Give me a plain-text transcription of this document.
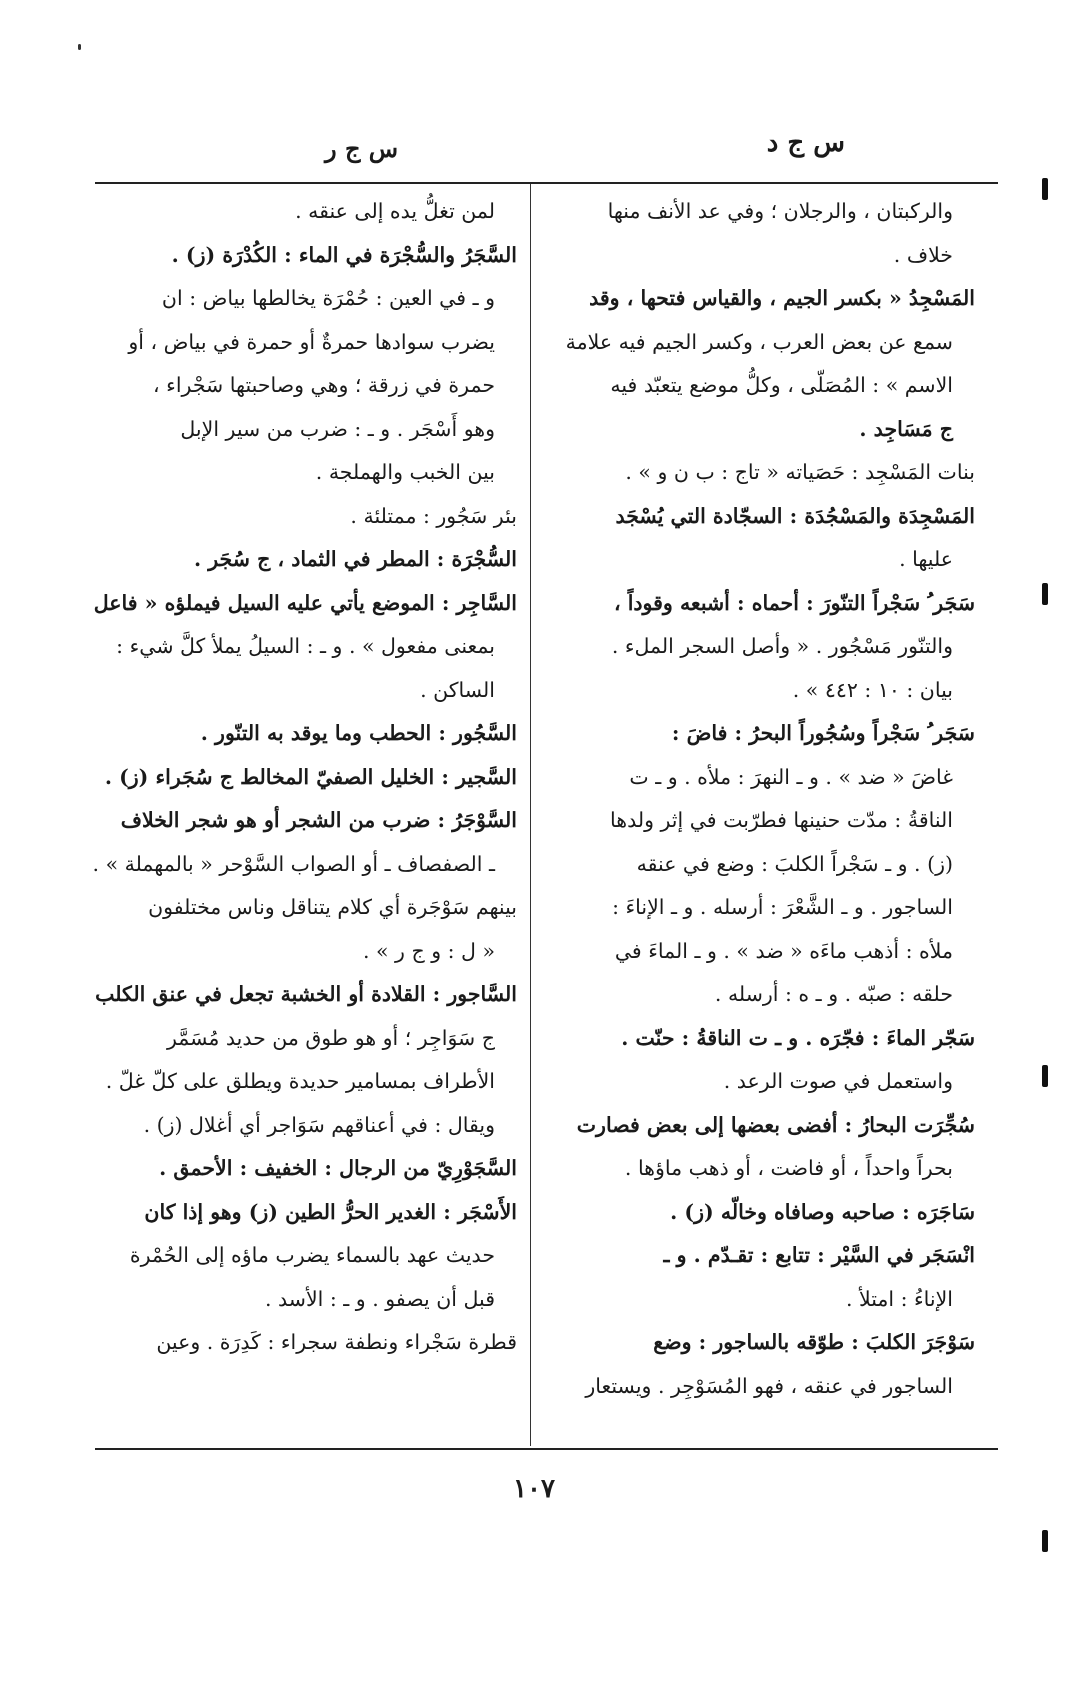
س ج د
س ج ر
والركبتان ، والرجلان ؛ وفي عد الأنف منها
خلاف .
المَسْجِدُ « بكسر الجيم ، والقياس فتحها ، وقد
سمع عن بعض العرب ، وكسر الجيم فيه علامة
الاسم » : المُصَلّى ، وكلُّ موضع يتعبّد فيه
ج مَسَاجِد .
بنات المَسْجِد : حَصَياته « تاج : ب ن و » .
المَسْجِدَة والمَسْجُدَة : السجّادة التي يُسْجَد
عليها .
سَجَر ُ سَجْراً التنّورَ : أحماه : أشبعه وقوداً ،
والتنّور مَسْجُور . « وأصل السجر الملء .
بيان : ١٠ : ٤٤٢ » .
سَجَر ُ سَجْراً وسُجُوراً البحرُ : فاضَ :
غاضَ « ضد » . و ـ النهرَ : ملأه . و ـ ت
الناقةُ : مدّت حنينها فطرّبت في إثر ولدها
(ز) . و ـ سَجْراً الكلبَ : وضع في عنقه
الساجور . و ـ الشَّعْرَ : أرسله . و ـ الإناءَ :
ملأه : أذهب ماءَه « ضد » . و ـ الماءَ في
حلقه : صبّه . و ـ ه : أرسله .
سَجّر الماءَ : فجّرَه . و ـ ت الناقةُ : حنّت .
واستعمل في صوت الرعد .
سُجِّرَت البحارُ : أفضى بعضها إلى بعض فصارت
بحراً واحداً ، أو فاضت ، أو ذهب ماؤها .
سَاجَرَه : صاحبه وصافاه وخالّه (ز) .
انْسَجَر في السَّيْر : تتابع : تقـدّم . و ـ
الإناءُ : امتلأ .
سَوْجَرَ الكلبَ : طوّقه بالساجور : وضع
الساجور في عنقه ، فهو المُسَوْجِر . ويستعار
لمن تغلُّ يده إلى عنقه .
السَّجَرُ والسُّجْرَة في الماء : الكُدْرَة (ز) .
و ـ في العين : حُمْرَة يخالطها بياض : ان
يضرب سوادها حمرةٌ أو حمرة في بياض ، أو
حمرة في زرقة ؛ وهي وصاحبتها سَجْراء ،
وهو أَسْجَر . و ـ : ضرب من سير الإبل
بين الخبب والهملجة .
بئر سَجُور : ممتلئة .
السُّجْرَة : المطر في الثماد ، ج سُجَر .
السَّاجِر : الموضع يأتي عليه السيل فيملؤه « فاعل
بمعنى مفعول » . و ـ : السيلُ يملأ كلَّ شيء :
الساكن .
السَّجُور : الحطب وما يوقد به التنّور .
السَّجير : الخليل الصفيّ المخالط ج سُجَراء (ز) .
السَّوْجَرُ : ضرب من الشجر أو هو شجر الخلاف
ـ الصفصاف ـ أو الصواب السَّوْحر « بالمهملة » .
بينهم سَوْجَرة أي كلام يتناقل وناس مختلفون
« ل : و ج ر » .
السَّاجور : القلادة أو الخشبة تجعل في عنق الكلب
ج سَوَاجِر ؛ أو هو طوق من حديد مُسَمَّر
الأطراف بمسامير حديدة ويطلق على كلّ غلّ .
ويقال : في أعناقهم سَوَاجر أي أغلال (ز) .
السَّجَوْرِيّ من الرجال : الخفيف : الأحمق .
الأَسْجَر : الغدير الحرُّ الطين (ز) وهو إذا كان
حديث عهد بالسماء يضرب ماؤه إلى الحُمْرة
قبل أن يصفو . و ـ : الأسد .
قطرة سَجْراء ونطفة سجراء : كَدِرَة . وعين
١٠٧
